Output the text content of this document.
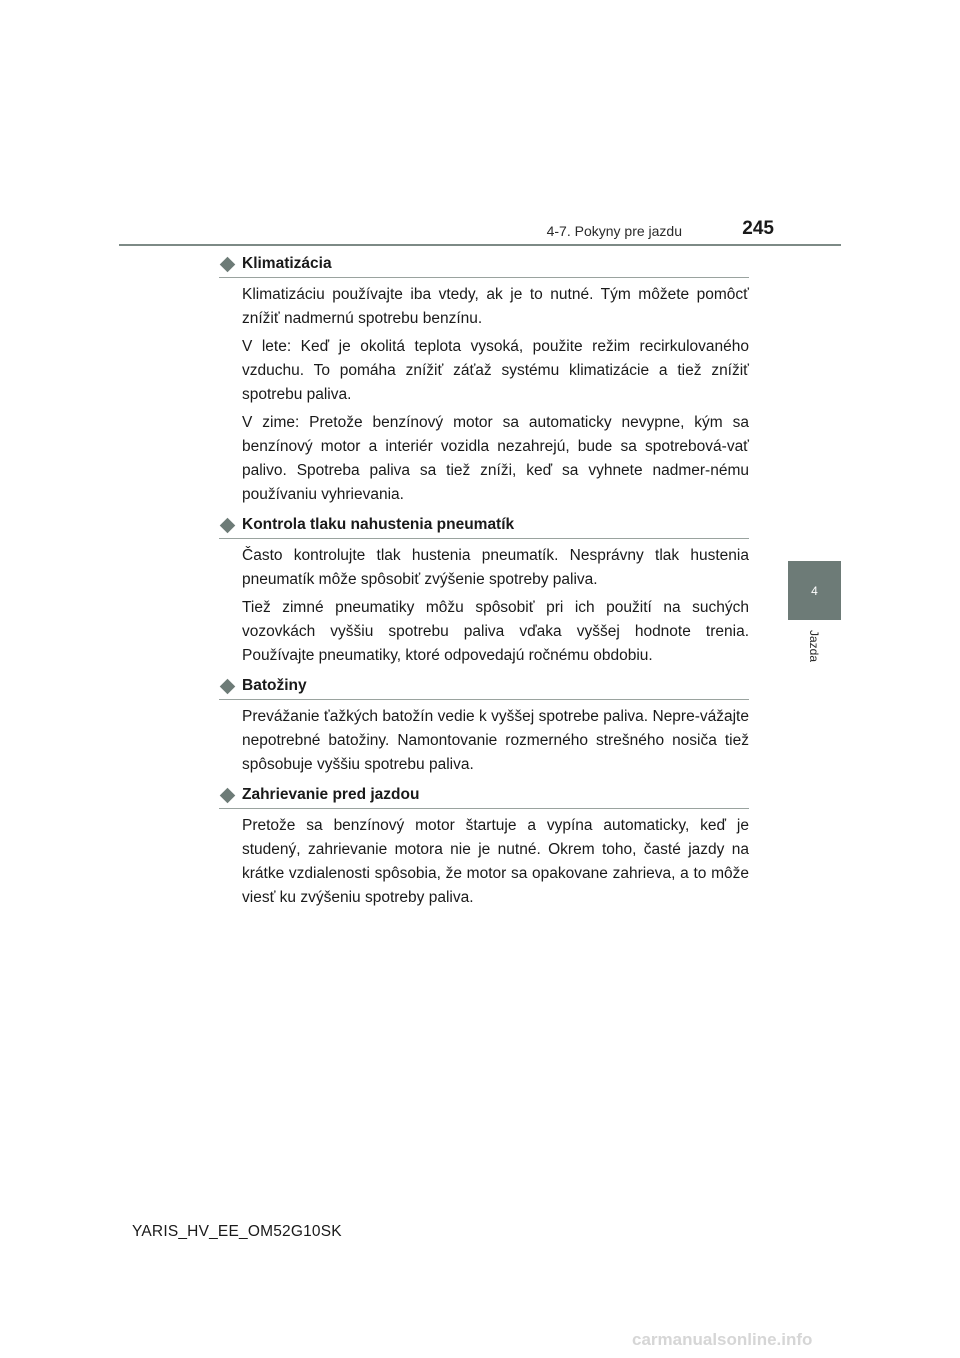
4-7. Pokyny pre jazdu	245
4
Jazda
Klimatizácia

Klimatizáciu používajte iba vtedy, ak je to nutné. Tým môžete pomôcť znížiť nadmernú spotrebu benzínu.

V lete: Keď je okolitá teplota vysoká, použite režim recirkulovaného vzduchu. To pomáha znížiť záťaž systému klimatizácie a tiež znížiť spotrebu paliva.

V zime: Pretože benzínový motor sa automaticky nevypne, kým sa benzínový motor a interiér vozidla nezahrejú, bude sa spotrebová-vať palivo. Spotreba paliva sa tiež zníži, keď sa vyhnete nadmer-nému používaniu vyhrievania.

Kontrola tlaku nahustenia pneumatík

Často kontrolujte tlak hustenia pneumatík. Nesprávny tlak hustenia pneumatík môže spôsobiť zvýšenie spotreby paliva.

Tiež zimné pneumatiky môžu spôsobiť pri ich použití na suchých vozovkách vyššiu spotrebu paliva vďaka vyššej hodnote trenia. Používajte pneumatiky, ktoré odpovedajú ročnému obdobiu.

Batožiny

Prevážanie ťažkých batožín vedie k vyššej spotrebe paliva. Nepre-vážajte nepotrebné batožiny. Namontovanie rozmerného strešného nosiča tiež spôsobuje vyššiu spotrebu paliva.

Zahrievanie pred jazdou

Pretože sa benzínový motor štartuje a vypína automaticky, keď je studený, zahrievanie motora nie je nutné. Okrem toho, časté jazdy na krátke vzdialenosti spôsobia, že motor sa opakovane zahrieva, a to môže viesť ku zvýšeniu spotreby paliva.

YARIS_HV_EE_OM52G10SK
carmanualsonline.info
